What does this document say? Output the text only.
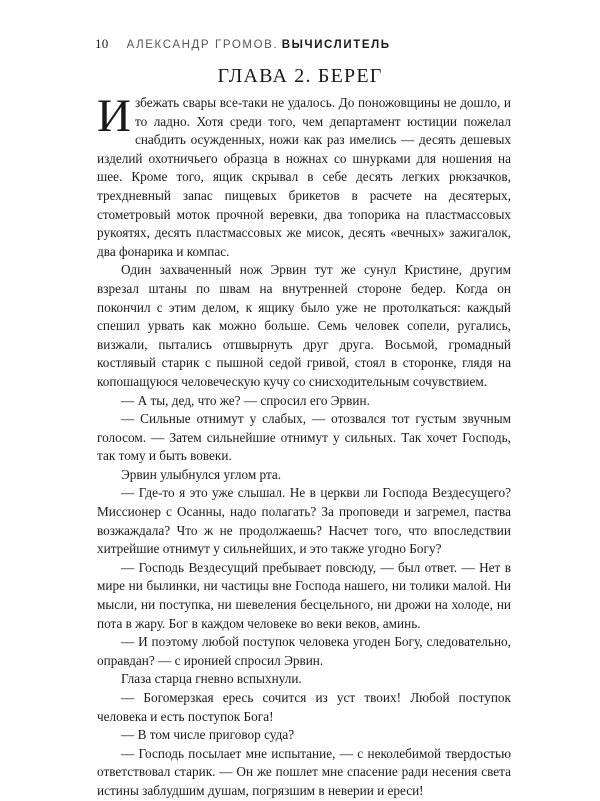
10 АЛЕКСАНДР ГРОМОВ. ВЫЧИСЛИТЕЛЬ
ГЛАВА 2. БЕРЕГ

Избежать свары все-таки не удалось. До поножовщины не дошло, и то ладно. Хотя среди того, чем департамент юстиции пожелал снабдить осужденных, ножи как раз имелись — десять дешевых изделий охотничьего образца в ножнах со шнурками для ношения на шее. Кроме того, ящик скрывал в себе десять легких рюкзачков, трехдневный запас пищевых брикетов в расчете на десятерых, стометровый моток прочной веревки, два топорика на пластмассовых рукоятях, десять пластмассовых же мисок, десять «вечных» зажигалок, два фонарика и компас.

Один захваченный нож Эрвин тут же сунул Кристине, другим взрезал штаны по швам на внутренней стороне бедер. Когда он покончил с этим делом, к ящику было уже не протолкаться: каждый спешил урвать как можно больше. Семь человек сопели, ругались, визжали, пытались отшвырнуть друг друга. Восьмой, громадный костлявый старик с пышной седой гривой, стоял в сторонке, глядя на копошащуюся человеческую кучу со снисходительным сочувствием.

— А ты, дед, что же? — спросил его Эрвин.

— Сильные отнимут у слабых, — отозвался тот густым звучным голосом. — Затем сильнейшие отнимут у сильных. Так хочет Господь, так тому и быть вовеки.

Эрвин улыбнулся углом рта.

— Где-то я это уже слышал. Не в церкви ли Господа Вездесущего? Миссионер с Осанны, надо полагать? За проповеди и загремел, паства возжаждала? Что ж не продолжаешь? Насчет того, что впоследствии хитрейшие отнимут у сильнейших, и это также угодно Богу?

— Господь Вездесущий пребывает повсюду, — был ответ. — Нет в мире ни былинки, ни частицы вне Господа нашего, ни толики малой. Ни мысли, ни поступка, ни шевеления бесцельного, ни дрожи на холоде, ни пота в жару. Бог в каждом человеке во веки веков, аминь.

— И поэтому любой поступок человека угоден Богу, следовательно, оправдан? — с иронией спросил Эрвин.

Глаза старца гневно вспыхнули.

— Богомерзкая ересь сочится из уст твоих! Любой поступок человека и есть поступок Бога!

— В том числе приговор суда?

— Господь посылает мне испытание, — с неколебимой твердостью ответствовал старик. — Он же пошлет мне спасение ради несения света истины заблудшим душам, погрязшим в неверии и ереси!
